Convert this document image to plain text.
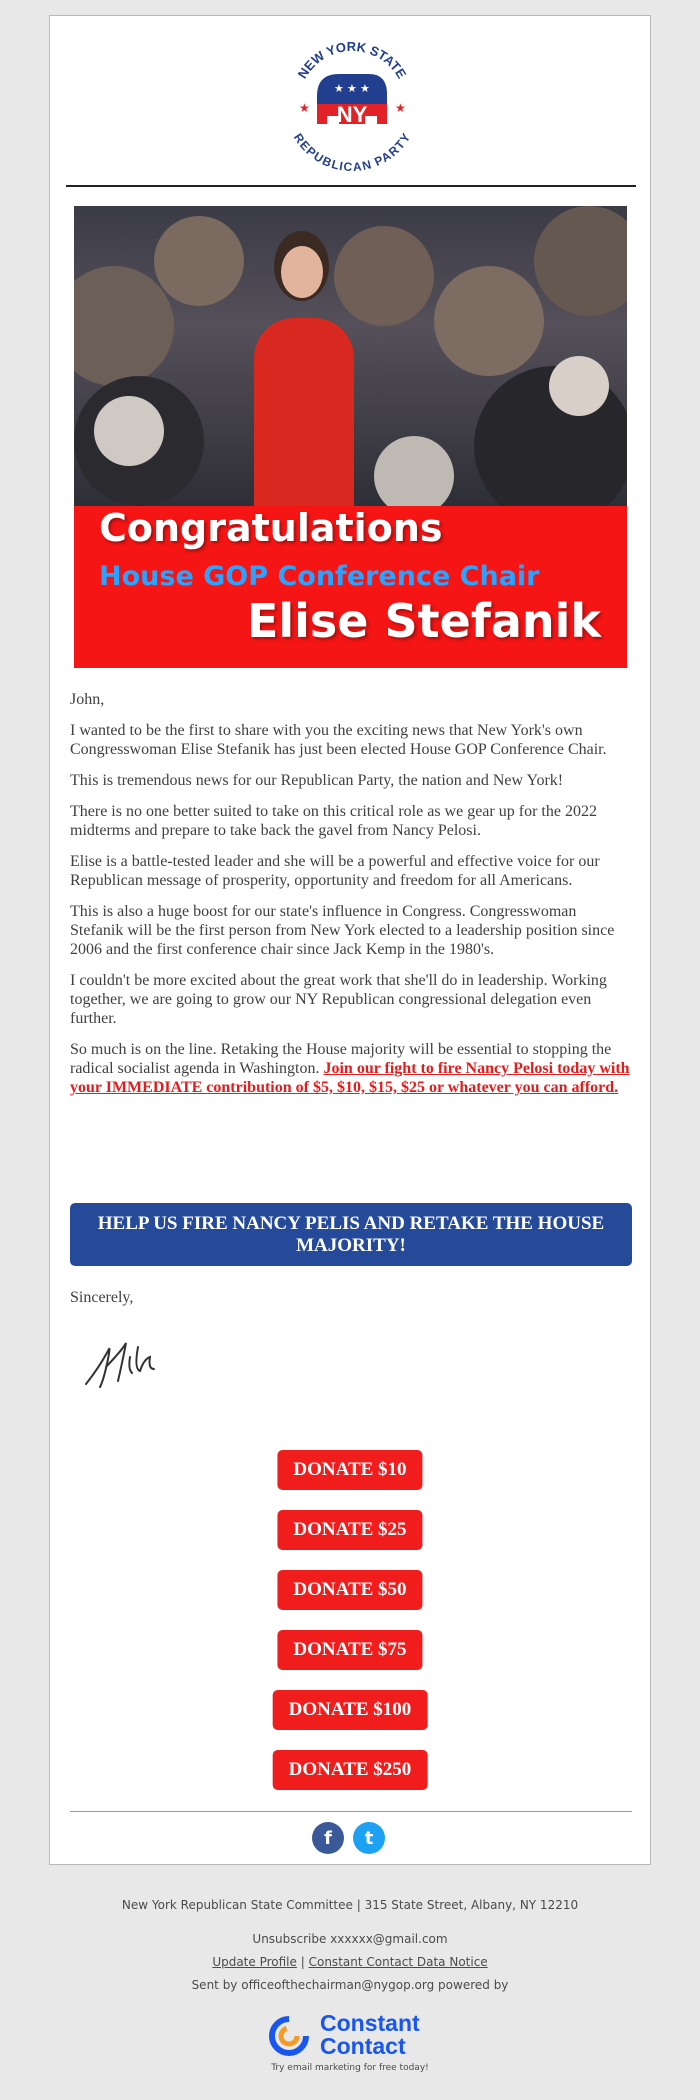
NEW YORK STATE
REPUBLICAN PARTY
★ ★ ★
NY
★	★
Congratulations
House GOP Conference Chair
Elise Stefanik

John,

I wanted to be the first to share with you the exciting news that New York's own Congresswoman Elise Stefanik has just been elected House GOP Conference Chair.

This is tremendous news for our Republican Party, the nation and New York!

There is no one better suited to take on this critical role as we gear up for the 2022 midterms and prepare to take back the gavel from Nancy Pelosi.

Elise is a battle-tested leader and she will be a powerful and effective voice for our Republican message of prosperity, opportunity and freedom for all Americans.

This is also a huge boost for our state's influence in Congress. Congresswoman Stefanik will be the first person from New York elected to a leadership position since 2006 and the first conference chair since Jack Kemp in the 1980's.

I couldn't be more excited about the great work that she'll do in leadership. Working together, we are going to grow our NY Republican congressional delegation even further.

So much is on the line. Retaking the House majority will be essential to stopping the radical socialist agenda in Washington. Join our fight to fire Nancy Pelosi today with your IMMEDIATE contribution of $5, $10, $15, $25 or whatever you can afford.

HELP US FIRE NANCY PELIS AND RETAKE THE HOUSE MAJORITY!
Sincerely,
DONATE $10
DONATE $25
DONATE $50
DONATE $75
DONATE $100
DONATE $250
f	t
New York Republican State Committee | 315 State Street, Albany, NY 12210
Unsubscribe xxxxxx@gmail.com
Update Profile | Constant Contact Data Notice
Sent by officeofthechairman@nygop.org powered by
Constant
Contact
Try email marketing for free today!
